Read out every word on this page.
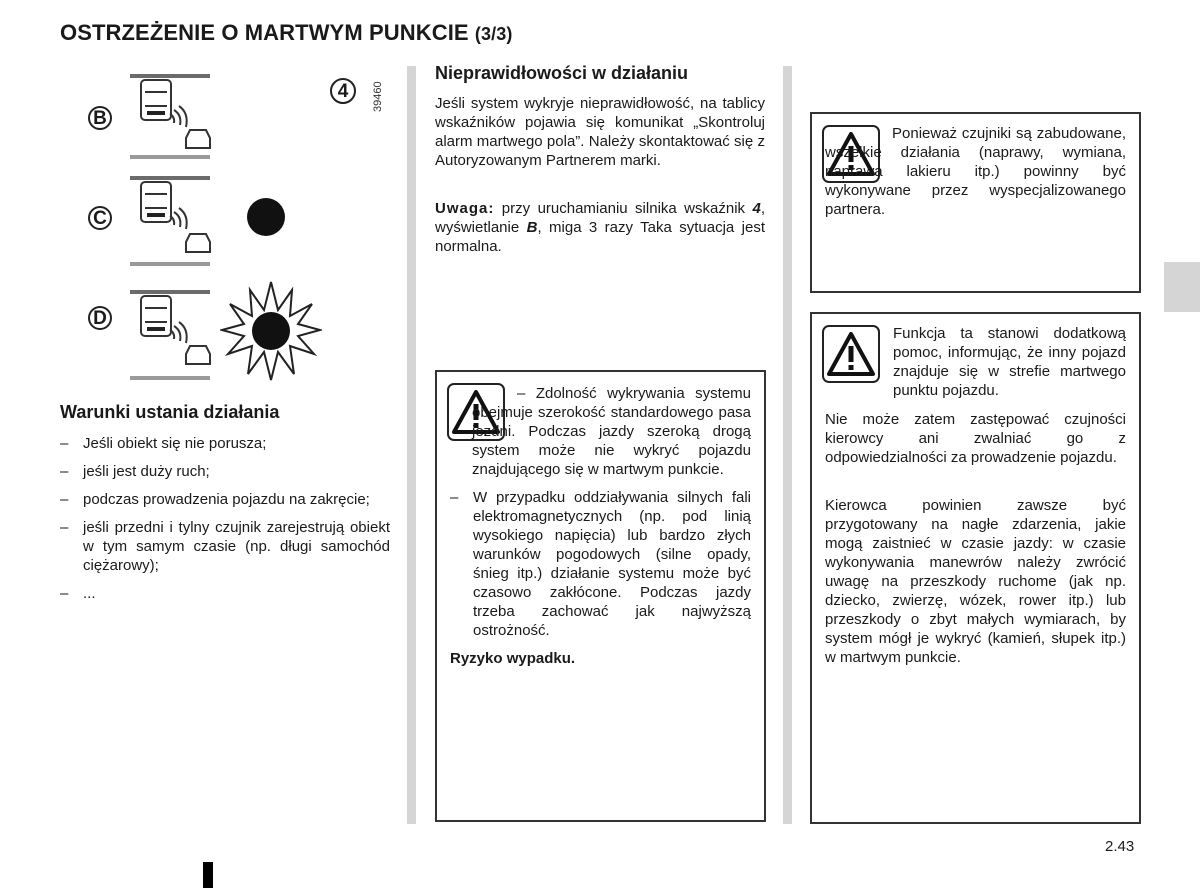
OSTRZEŻENIE O MARTWYM PUNKCIE (3/3)
B
4	39460
C
D
Warunki ustania działania
– Jeśli obiekt się nie porusza;
– jeśli jest duży ruch;
– podczas prowadzenia pojazdu na zakręcie;
– jeśli przedni i tylny czujnik zarejestrują obiekt w tym samym czasie (np. długi samochód ciężarowy);
– ...
Nieprawidłowości w działaniu

Jeśli system wykryje nieprawidłowość, na tablicy wskaźników pojawia się komunikat „Skontroluj alarm martwego pola”. Należy skontaktować się z Autoryzowanym Partnerem marki.

Uwaga: przy uruchamianiu silnika wskaźnik 4, wyświetlanie B, miga 3 razy Taka sytuacja jest normalna.

– Zdolność wykrywania systemu obejmuje szerokość standardowego pasa jezdni. Podczas jazdy szeroką drogą system może nie wykryć pojazdu znajdującego się w martwym punkcie.

– W przypadku oddziaływania silnych fali elektromagnetycznych (np. pod linią wysokiego napięcia) lub bardzo złych warunków pogodowych (silne opady, śnieg itp.) działanie systemu może być czasowo zakłócone. Podczas jazdy trzeba zachować jak najwyższą ostrożność.

Ryzyko wypadku.

Ponieważ czujniki są zabudowane, wszelkie działania (naprawy, wymiana, naprawa lakieru itp.) powinny być wykonywane przez wyspecjalizowanego partnera.

Funkcja ta stanowi dodatkową pomoc, informując, że inny pojazd znajduje się w strefie martwego punktu pojazdu.

Nie może zatem zastępować czujności kierowcy ani zwalniać go z odpowiedzialności za prowadzenie pojazdu.

Kierowca powinien zawsze być przygotowany na nagłe zdarzenia, jakie mogą zaistnieć w czasie jazdy: w czasie wykonywania manewrów należy zwrócić uwagę na przeszkody ruchome (jak np. dziecko, zwierzę, wózek, rower itp.) lub przeszkody o zbyt małych wymiarach, by system mógł je wykryć (kamień, słupek itp.) w martwym punkcie.

2.43
